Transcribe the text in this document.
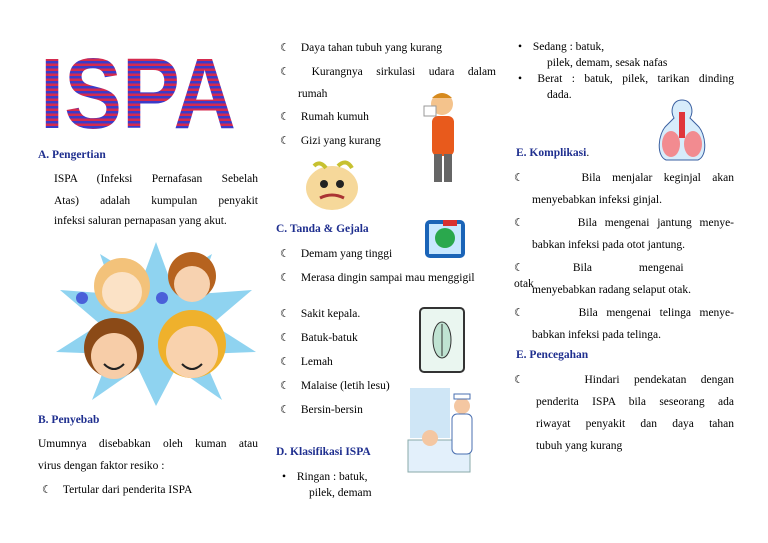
ISPA
A. Pengertian
ISPA (Infeksi Pernafasan Sebelah
Atas) adalah kumpulan penyakit
infeksi saluran pernapasan yang akut.
B. Penyebab
Umumnya disebabkan oleh kuman atau
virus dengan faktor resiko :
☾ Tertular dari penderita ISPA
☾ Daya tahan tubuh yang kurang
☾ Kurangnya sirkulasi udara dalam
rumah
☾ Rumah kumuh
☾ Gizi yang kurang
C. Tanda & Gejala
☾ Demam yang tinggi
☾ Merasa dingin sampai mau menggigil
☾ Sakit kepala.
☾ Batuk-batuk
☾ Lemah
☾ Malaise (letih lesu)
☾ Bersin-bersin
D. Klasifikasi ISPA
• Ringan : batuk,
pilek, demam
• Sedang : batuk,
pilek, demam, sesak nafas
• Berat : batuk, pilek, tarikan dinding
dada.
E. Komplikasi.
☾	Bila menjalar keginjal akan
menyebabkan infeksi ginjal.
☾	Bila mengenai jantung menye-
babkan infeksi pada otot jantung.
☾	Bila mengenai otak
menyebabkan radang selaput otak.
☾	Bila mengenai telinga menye-
babkan infeksi pada telinga.
E. Pencegahan
☾	Hindari pendekatan dengan
penderita ISPA bila seseorang ada
riwayat penyakit dan daya tahan
tubuh yang kurang
